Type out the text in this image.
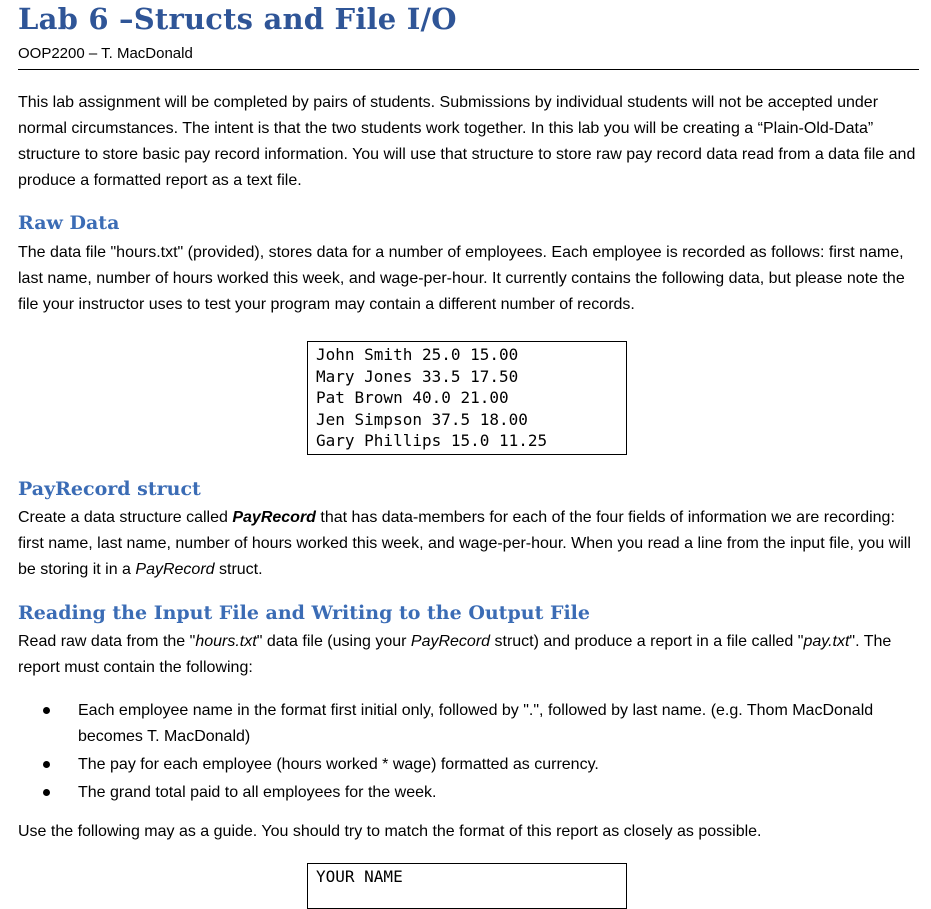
Lab 6 –Structs and File I/O
OOP2200 – T. MacDonald
This lab assignment will be completed by pairs of students. Submissions by individual students will not be accepted under normal circumstances. The intent is that the two students work together. In this lab you will be creating a “Plain-Old-Data” structure to store basic pay record information. You will use that structure to store raw pay record data read from a data file and produce a formatted report as a text file.
Raw Data
The data file "hours.txt" (provided), stores data for a number of employees. Each employee is recorded as follows: first name, last name, number of hours worked this week, and wage-per-hour. It currently contains the following data, but please note the file your instructor uses to test your program may contain a different number of records.
John Smith 25.0 15.00
Mary Jones 33.5 17.50
Pat Brown 40.0 21.00
Jen Simpson 37.5 18.00
Gary Phillips 15.0 11.25
PayRecord struct
Create a data structure called PayRecord that has data-members for each of the four fields of information we are recording: first name, last name, number of hours worked this week, and wage-per-hour. When you read a line from the input file, you will be storing it in a PayRecord struct.
Reading the Input File and Writing to the Output File
Read raw data from the "hours.txt" data file (using your PayRecord struct) and produce a report in a file called "pay.txt". The report must contain the following:
Each employee name in the format first initial only, followed by ".", followed by last name. (e.g. Thom MacDonald becomes T. MacDonald)
The pay for each employee (hours worked * wage) formatted as currency.
The grand total paid to all employees for the week.
Use the following may as a guide. You should try to match the format of this report as closely as possible.
YOUR NAME
